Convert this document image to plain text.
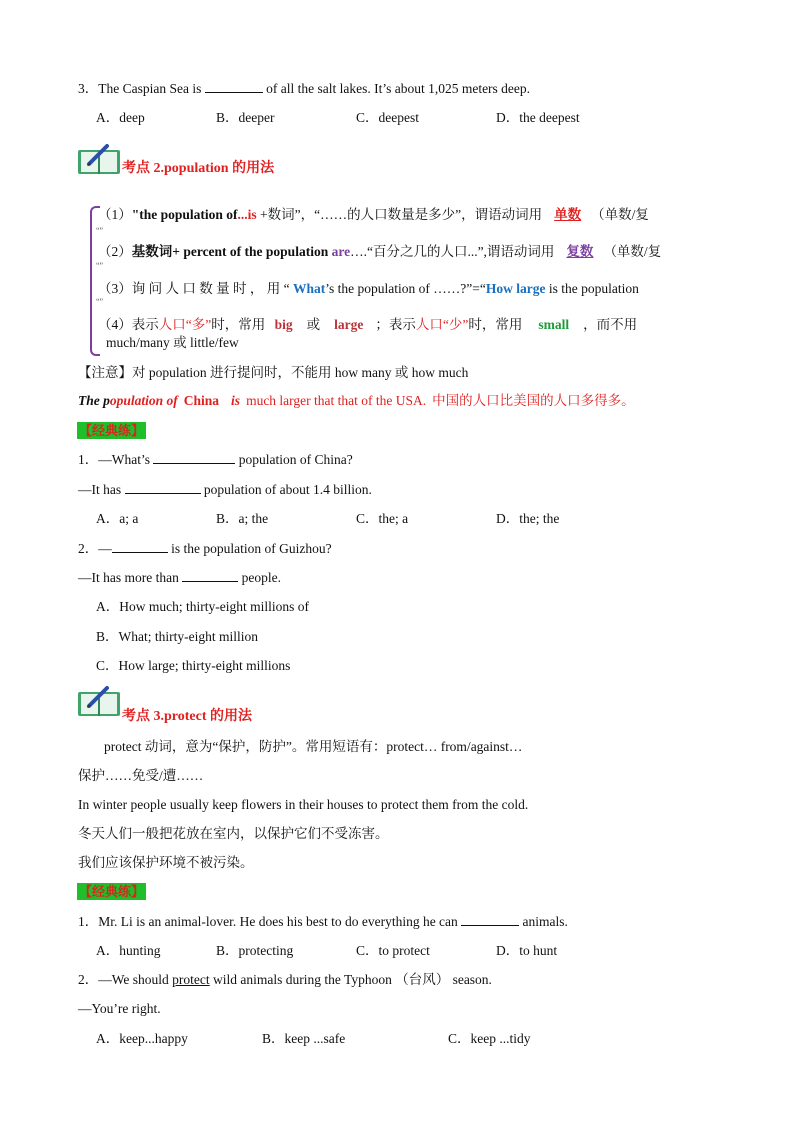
3．The Caspian Sea is	of all the salt lakes. It’s about 1,025 meters deep.
A．deep	B．deeper	C．deepest	D．the deepest
考点 2.population 的用法
“”
“”
“”
（1）"the population of...is +数词”，“……的人口数量是多少”，谓语动词用 单数 （单数/复
（2）基数词+ percent of the population are….“百分之几的人口...”,谓语动词用 复数 （单数/复
（3）询 问 人 口 数 量 时 ， 用 “ What’s the population of ……?”=“How large is the population
（4）表示人口“多”时，常用 big 或 large ；表示人口“少”时，常用 small ，而不用
much/many 或 little/few
【注意】对 population 进行提问时，不能用 how many 或 how much
The population of China is much larger that that of the USA. 中国的人口比美国的人口多得多。
【经典练】
1．—What’s	population of China?
—It has	population of about 1.4 billion.
A．a; a	B．a; the	C．the; a	D．the; the
2．—	is the population of Guizhou?
—It has more than	people.
A．How much; thirty-eight millions of
B．What; thirty-eight million
C．How large; thirty-eight millions
考点 3.protect 的用法
protect 动词，意为“保护，防护”。常用短语有：protect… from/against…
保护……免受/遭……
In winter people usually keep flowers in their houses to protect them from the cold.
冬天人们一般把花放在室内，以保护它们不受冻害。
我们应该保护环境不被污染。
【经典练】
1．Mr. Li is an animal-lover. He does his best to do everything he can	animals.
A．hunting	B．protecting	C．to protect	D．to hunt
2．—We should protect wild animals during the Typhoon （台风） season.
—You’re right.
A．keep...happy	B．keep ...safe	C．keep ...tidy
